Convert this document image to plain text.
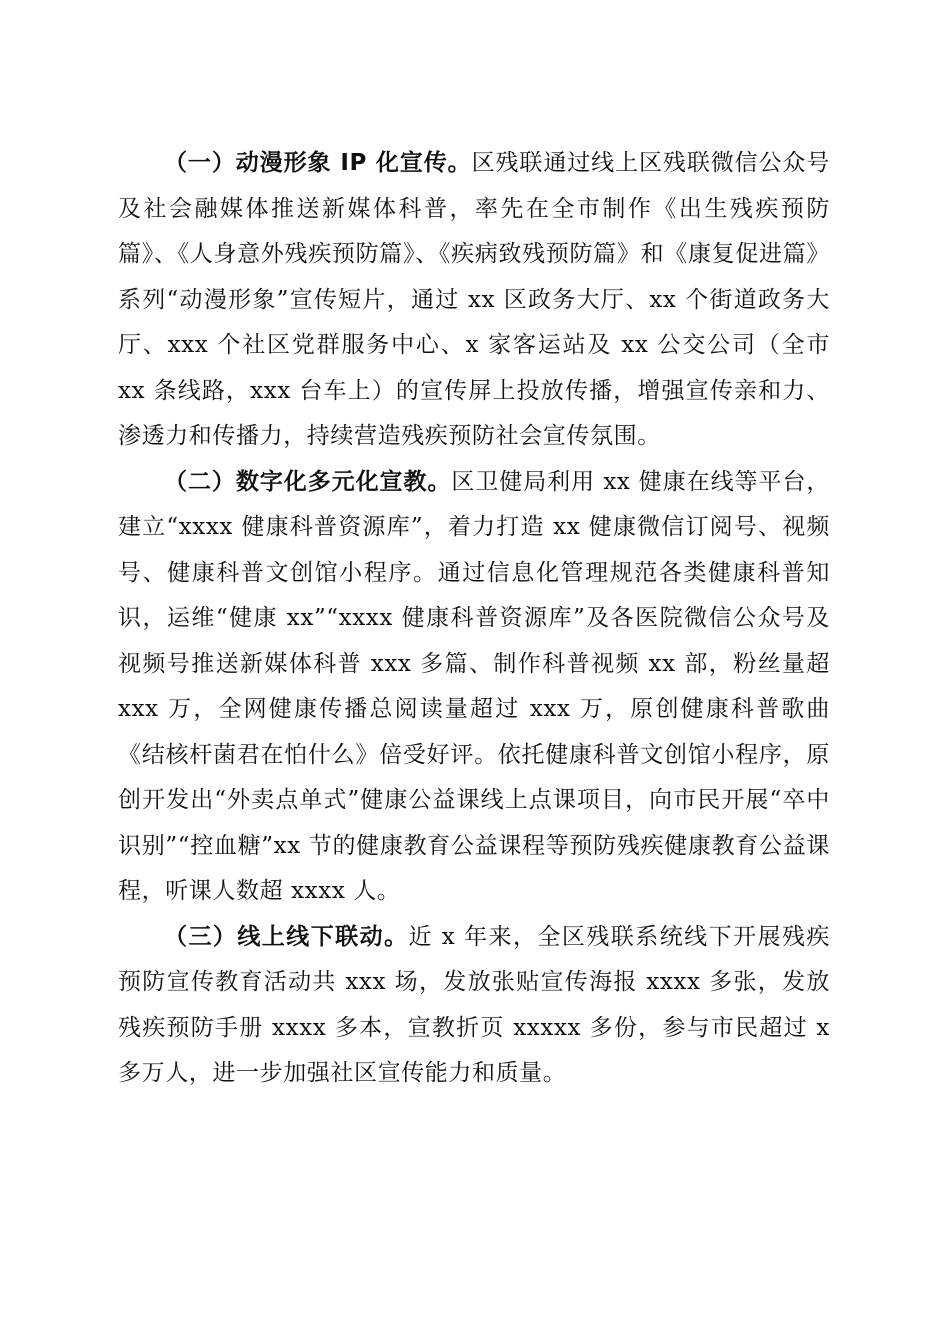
（一）动漫形象 IP 化宣传。区残联通过线上区残联微信公众号及社会融媒体推送新媒体科普，率先在全市制作《出生残疾预防篇》、《人身意外残疾预防篇》、《疾病致残预防篇》和《康复促进篇》系列“动漫形象”宣传短片，通过 xx 区政务大厅、xx 个街道政务大厅、xxx 个社区党群服务中心、x 家客运站及 xx 公交公司（全市 xx 条线路，xxx 台车上）的宣传屏上投放传播，增强宣传亲和力、渗透力和传播力，持续营造残疾预防社会宣传氛围。

（二）数字化多元化宣教。区卫健局利用 xx 健康在线等平台，建立“xxxx 健康科普资源库”，着力打造 xx 健康微信订阅号、视频号、健康科普文创馆小程序。通过信息化管理规范各类健康科普知识，运维“健康 xx”“xxxx 健康科普资源库”及各医院微信公众号及视频号推送新媒体科普 xxx 多篇、制作科普视频 xx 部，粉丝量超 xxx 万，全网健康传播总阅读量超过 xxx 万，原创健康科普歌曲《结核杆菌君在怕什么》倍受好评。依托健康科普文创馆小程序，原创开发出“外卖点单式”健康公益课线上点课项目，向市民开展“卒中识别”“控血糖”xx 节的健康教育公益课程等预防残疾健康教育公益课程，听课人数超 xxxx 人。

（三）线上线下联动。近 x 年来，全区残联系统线下开展残疾预防宣传教育活动共 xxx 场，发放张贴宣传海报 xxxx 多张，发放残疾预防手册 xxxx 多本，宣教折页 xxxxx 多份，参与市民超过 x 多万人，进一步加强社区宣传能力和质量。
